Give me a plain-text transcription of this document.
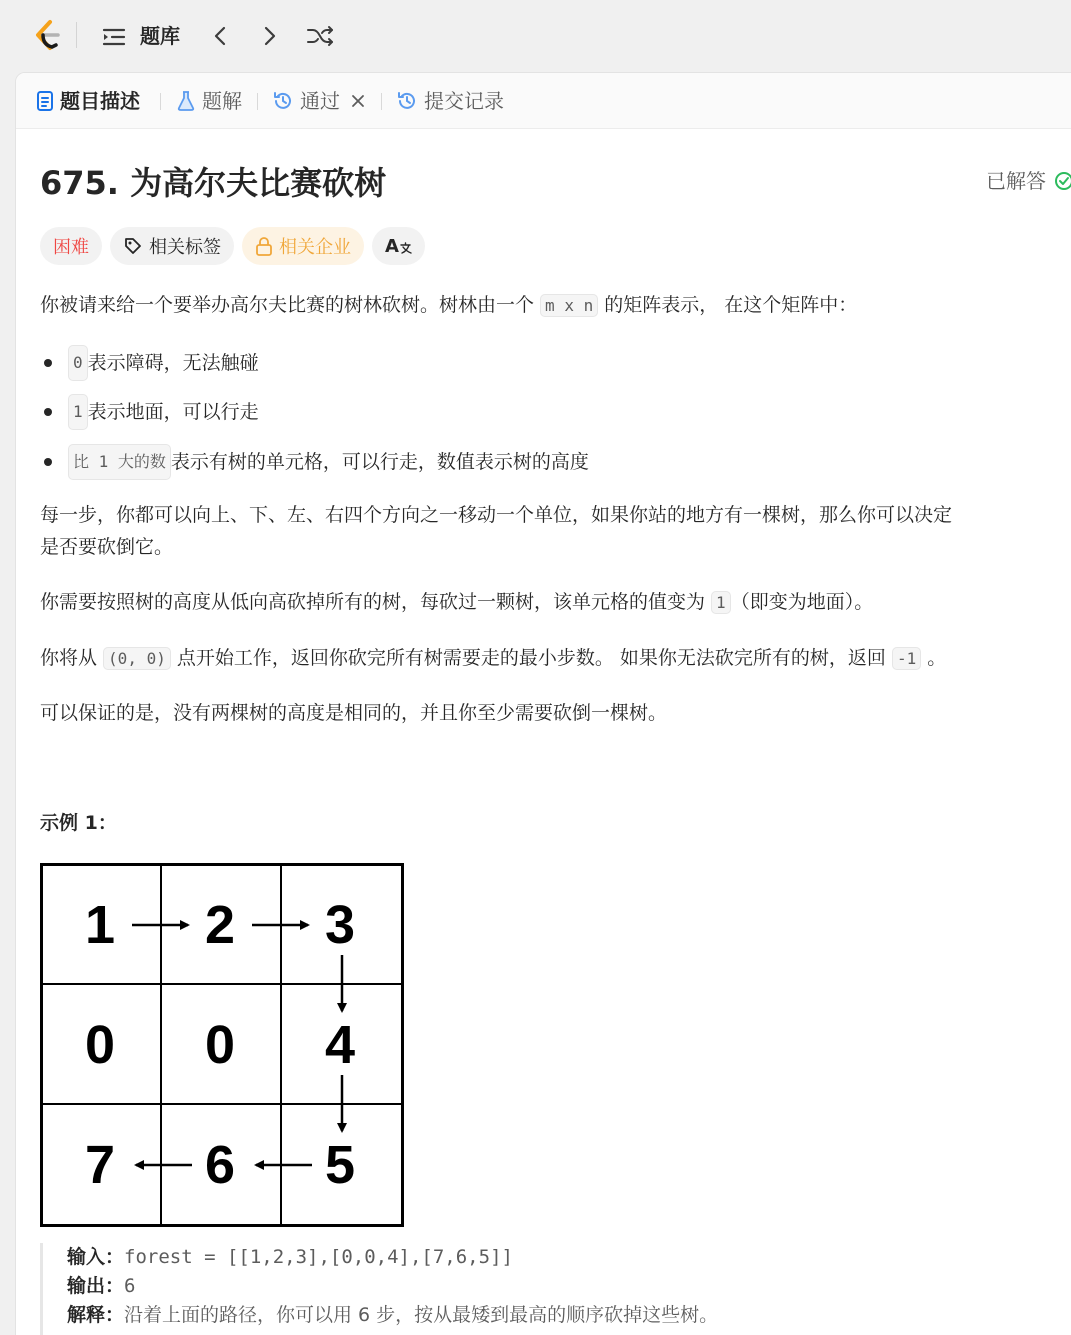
题库
题目描述	题解	通过	提交记录
675. 为高尔夫比赛砍树	已解答
困难	相关标签	相关企业 A
你被请来给一个要举办高尔夫比赛的树林砍树。树林由一个 m x n 的矩阵表示， 在这个矩阵中：
0 表示障碍，无法触碰
1 表示地面，可以行走
比 1 大的数 表示有树的单元格，可以行走，数值表示树的高度
每一步，你都可以向上、下、左、右四个方向之一移动一个单位，如果你站的地方有一棵树，那么你可以决定
是否要砍倒它。
你需要按照树的高度从低向高砍掉所有的树，每砍过一颗树，该单元格的值变为 1 （即变为地面）。
你将从 (0, 0) 点开始工作，返回你砍完所有树需要走的最小步数。 如果你无法砍完所有的树，返回 -1 。
可以保证的是，没有两棵树的高度是相同的，并且你至少需要砍倒一棵树。
示例 1：
1 2 3
0 0 4
7 6 5
输入：forest = [[1,2,3],[0,0,4],[7,6,5]]
输出：6
解释：沿着上面的路径，你可以用 6 步，按从最矮到最高的顺序砍掉这些树。
